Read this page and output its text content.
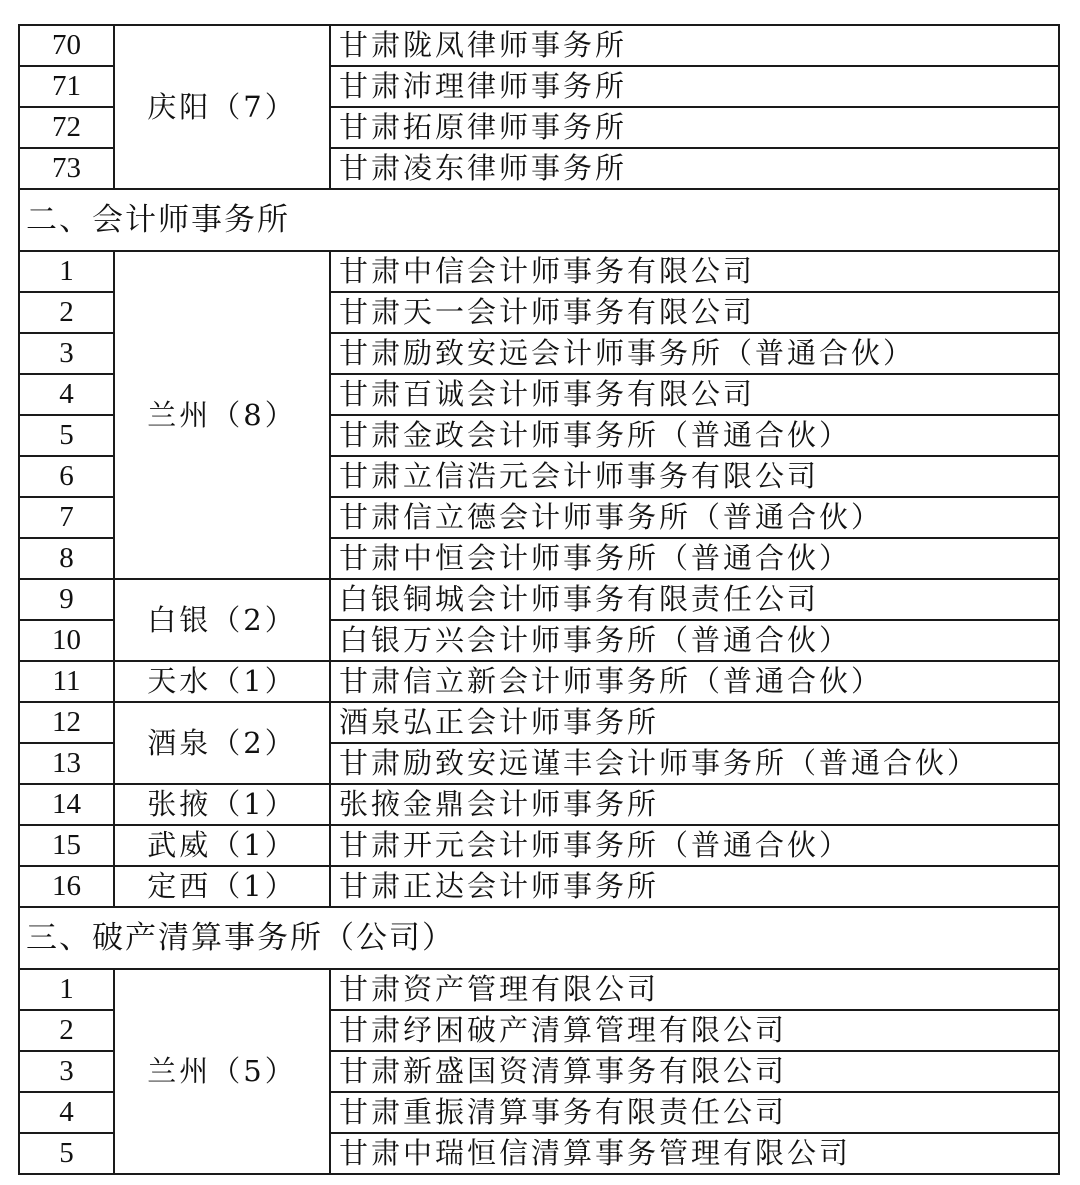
70	庆阳（7）	甘肃陇凤律师事务所
71		甘肃沛理律师事务所
72		甘肃拓原律师事务所
73		甘肃凌东律师事务所
二、会计师事务所		
1	兰州（8）	甘肃中信会计师事务有限公司
2		甘肃天一会计师事务有限公司
3		甘肃励致安远会计师事务所（普通合伙）
4		甘肃百诚会计师事务有限公司
5		甘肃金政会计师事务所（普通合伙）
6		甘肃立信浩元会计师事务有限公司
7		甘肃信立德会计师事务所（普通合伙）
8		甘肃中恒会计师事务所（普通合伙）
9	白银（2）	白银铜城会计师事务有限责任公司
10		白银万兴会计师事务所（普通合伙）
11	天水（1）	甘肃信立新会计师事务所（普通合伙）
12	酒泉（2）	酒泉弘正会计师事务所
13		甘肃励致安远谨丰会计师事务所（普通合伙）
14	张掖（1）	张掖金鼎会计师事务所
15	武威（1）	甘肃开元会计师事务所（普通合伙）
16	定西（1）	甘肃正达会计师事务所
三、破产清算事务所（公司）		
1	兰州（5）	甘肃资产管理有限公司
2		甘肃纾困破产清算管理有限公司
3		甘肃新盛国资清算事务有限公司
4		甘肃重振清算事务有限责任公司
5		甘肃中瑞恒信清算事务管理有限公司
